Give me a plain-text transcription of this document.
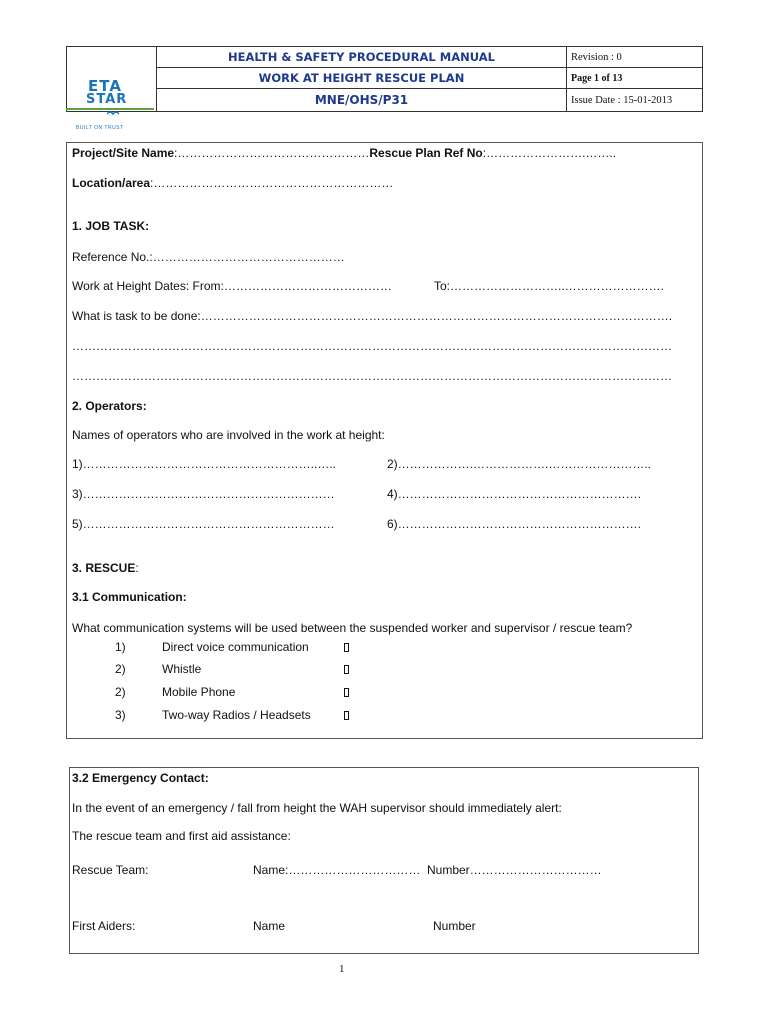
ETA
STAR
BUILT ON TRUST
HEALTH & SAFETY PROCEDURAL MANUAL
WORK AT HEIGHT RESCUE PLAN
MNE/OHS/P31
Revision : 0
Page 1 of 13
Issue Date : 15-01-2013
Project/Site Name:…………………………………………Rescue Plan Ref No:…………………….……..
Location/area:……………………………………………………
1. JOB TASK:
Reference No.:…………………………………………
Work at Height Dates: From:……………………………………	To:………………………..…………………….
What is task to be done:……………………………………………………………………………………………………….
……………………………………………………………………………………………………………………………………
……………………………………………………………………………………………………………………………………
2. Operators:
Names of operators who are involved in the work at height:
1)…………………………………………………..…..	2)……………….……………….……………………..
3)………………………………………………………	4)…………………………………………………….
5)………………………………………………………	6)…………………………………………………….
3. RESCUE:
3.1 Communication:
What communication systems will be used between the suspended worker and supervisor / rescue team?
1)	Direct voice communication
2)	Whistle
2)	Mobile Phone
3)	Two-way Radios / Headsets
3.2 Emergency Contact:
In the event of an emergency / fall from height the WAH supervisor should immediately alert:
The rescue team and first aid assistance:
Rescue Team:	Name:…………………………… Number……………………………
First Aiders:	Name	Number
1
